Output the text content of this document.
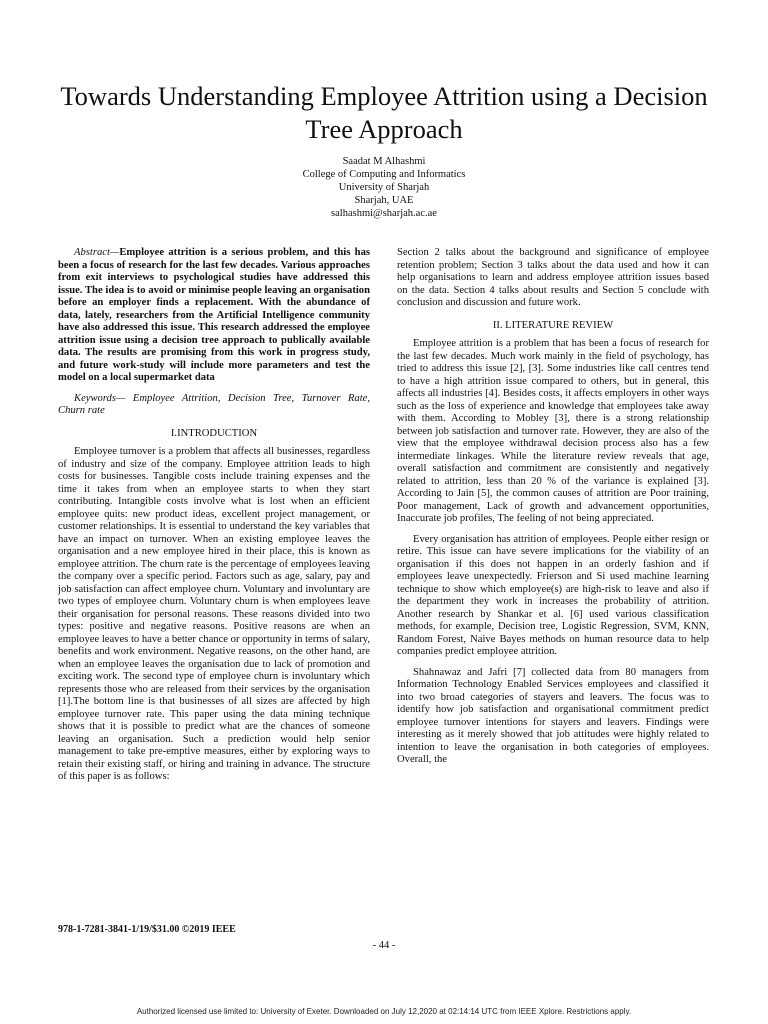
Towards Understanding Employee Attrition using a Decision Tree Approach
Saadat M Alhashmi
College of Computing and Informatics
University of Sharjah
Sharjah, UAE
salhashmi@sharjah.ac.ae

Abstract—Employee attrition is a serious problem, and this has been a focus of research for the last few decades. Various approaches from exit interviews to psychological studies have addressed this issue. The idea is to avoid or minimise people leaving an organisation before an employer finds a replacement. With the abundance of data, lately, researchers from the Artificial Intelligence community have also addressed this issue. This research addressed the employee attrition issue using a decision tree approach to publically available data. The results are promising from this work in progress study, and future work-study will include more parameters and test the model on a local supermarket data

Keywords— Employee Attrition, Decision Tree, Turnover Rate, Churn rate

I.INTRODUCTION

Employee turnover is a problem that affects all businesses, regardless of industry and size of the company. Employee attrition leads to high costs for businesses. Tangible costs include training expenses and the time it takes from when an employee starts to when they start contributing. Intangible costs involve what is lost when an efficient employee quits: new product ideas, excellent project management, or customer relationships. It is essential to understand the key variables that have an impact on turnover. When an existing employee leaves the organisation and a new employee hired in their place, this is known as employee attrition. The churn rate is the percentage of employees leaving the company over a specific period. Factors such as age, salary, pay and job satisfaction can affect employee churn. Voluntary and involuntary are two types of employee churn. Voluntary churn is when employees leave their organisation for personal reasons. These reasons divided into two types: positive and negative reasons. Positive reasons are when an employee leaves to have a better chance or opportunity in terms of salary, benefits and work environment. Negative reasons, on the other hand, are when an employee leaves the organisation due to lack of promotion and exciting work. The second type of employee churn is involuntary which represents those who are released from their services by the organisation [1].The bottom line is that businesses of all sizes are affected by high employee turnover rate. This paper using the data mining technique shows that it is possible to predict what are the chances of someone leaving an organisation. Such a prediction would help senior management to take pre-emptive measures, either by exploring ways to retain their existing staff, or hiring and training in advance. The structure of this paper is as follows:

Section 2 talks about the background and significance of employee retention problem; Section 3 talks about the data used and how it can help organisations to learn and address employee attrition issues based on the data. Section 4 talks about results and Section 5 conclude with conclusion and discussion and future work.

II. LITERATURE REVIEW

Employee attrition is a problem that has been a focus of research for the last few decades. Much work mainly in the field of psychology, has tried to address this issue [2], [3]. Some industries like call centres tend to have a high attrition issue compared to others, but in general, this affects all industries [4]. Besides costs, it affects employers in other ways such as the loss of experience and knowledge that employees take away with them. According to Mobley [3], there is a strong relationship between job satisfaction and turnover rate. However, they are also of the view that the employee withdrawal decision process also has a few intermediate linkages. While the literature review reveals that age, overall satisfaction and commitment are consistently and negatively related to attrition, less than 20 % of the variance is explained [3]. According to Jain [5], the common causes of attrition are Poor training, Poor management, Lack of growth and advancement opportunities, Inaccurate job profiles, The feeling of not being appreciated.

Every organisation has attrition of employees. People either resign or retire. This issue can have severe implications for the viability of an organisation if this does not happen in an orderly fashion and if employees leave unexpectedly. Frierson and Si used machine learning technique to show which employee(s) are high-risk to leave and also if the department they work in increases the probability of attrition. Another research by Shankar et al. [6] used various classification methods, for example, Decision tree, Logistic Regression, SVM, KNN, Random Forest, Naive Bayes methods on human resource data to help companies predict employee attrition.

Shahnawaz and Jafri [7] collected data from 80 managers from Information Technology Enabled Services employees and classified it into two broad categories of stayers and leavers. The focus was to identify how job satisfaction and organisational commitment predict employee turnover intentions for stayers and leavers. Findings were interesting as it merely showed that job attitudes were highly related to intention to leave the organisation in both categories of employees. Overall, the

978-1-7281-3841-1/19/$31.00 ©2019 IEEE
- 44 -
Authorized licensed use limited to: University of Exeter. Downloaded on July 12,2020 at 02:14:14 UTC from IEEE Xplore. Restrictions apply.
